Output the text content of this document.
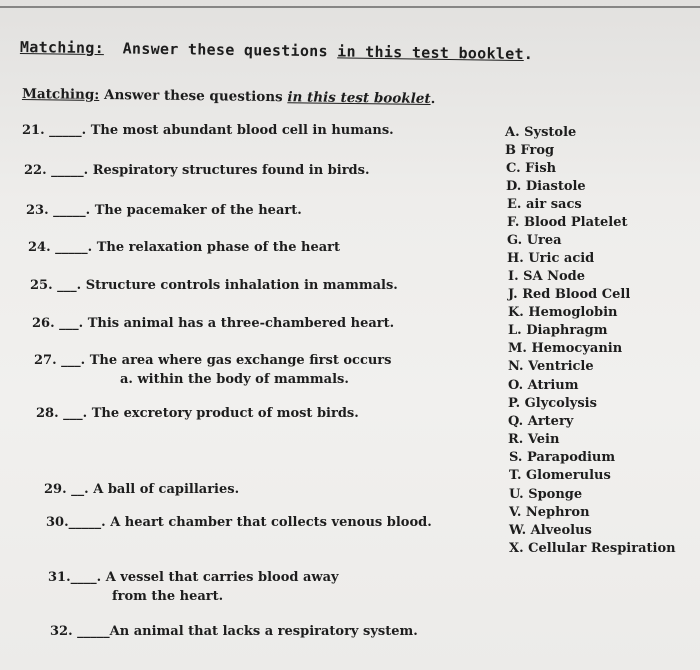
Matching: Answer these questions in this test booklet.
Matching: Answer these questions in this test booklet.
21. _____. The most abundant blood cell in humans.
22. _____. Respiratory structures found in birds.
23. _____. The pacemaker of the heart.
24. _____. The relaxation phase of the heart
25. ___. Structure controls inhalation in mammals.
26. ___. This animal has a three-chambered heart.
27. ___. The area where gas exchange first occurs
a. within the body of mammals.
28. ___. The excretory product of most birds.
29. __. A ball of capillaries.
30._____. A heart chamber that collects venous blood.
31.____. A vessel that carries blood away
from the heart.
32. _____An animal that lacks a respiratory system.
A. Systole
B Frog
C. Fish
D. Diastole
E. air sacs
F. Blood Platelet
G. Urea
H. Uric acid
I. SA Node
J. Red Blood Cell
K. Hemoglobin
L. Diaphragm
M. Hemocyanin
N. Ventricle
O. Atrium
P. Glycolysis
Q. Artery
R. Vein
S. Parapodium
T. Glomerulus
U. Sponge
V. Nephron
W. Alveolus
X. Cellular Respiration
